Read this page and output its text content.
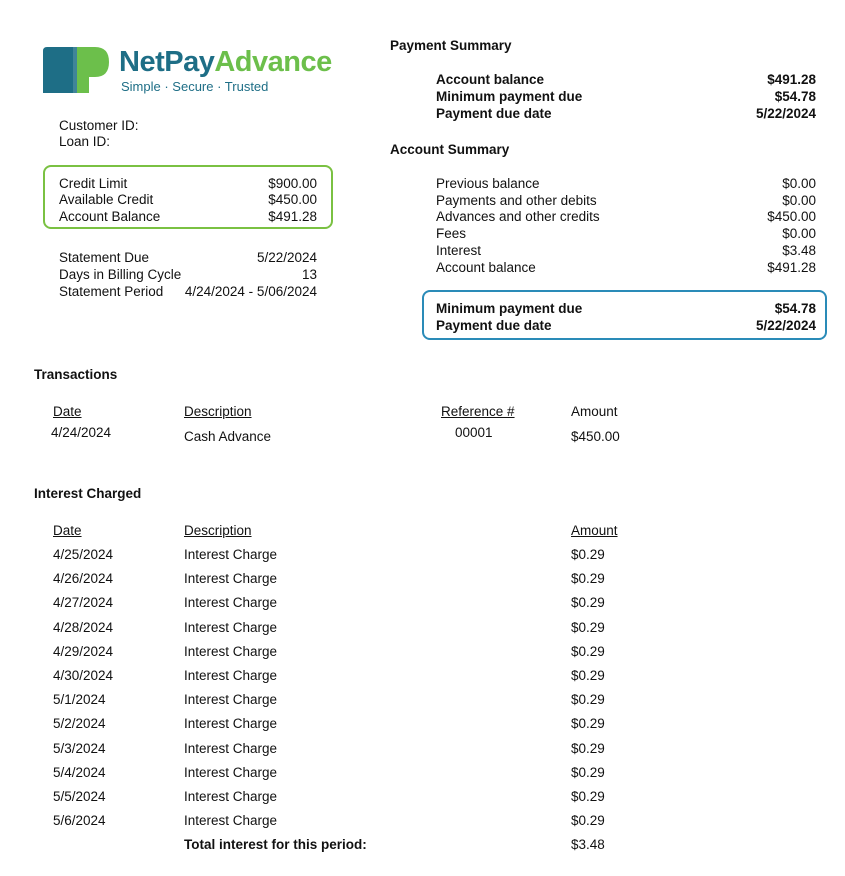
NetPayAdvance
Simple · Secure · Trusted
Customer ID:
Loan ID:
Credit Limit	$900.00
Available Credit	$450.00
Account Balance	$491.28
Statement Due	5/22/2024
Days in Billing Cycle	13
Statement Period	4/24/2024 - 5/06/2024
Payment Summary
Account balance	$491.28
Minimum payment due	$54.78
Payment due date	5/22/2024
Account Summary
Previous balance	$0.00
Payments and other debits	$0.00
Advances and other credits	$450.00
Fees	$0.00
Interest	$3.48
Account balance	$491.28
Minimum payment due	$54.78
Payment due date	5/22/2024
Transactions
Date	Description	Reference #	Amount
4/24/2024	Cash Advance	00001	$450.00
Interest Charged
Date	Description	Amount
4/25/2024	Interest Charge	$0.29
4/26/2024	Interest Charge	$0.29
4/27/2024	Interest Charge	$0.29
4/28/2024	Interest Charge	$0.29
4/29/2024	Interest Charge	$0.29
4/30/2024	Interest Charge	$0.29
5/1/2024	Interest Charge	$0.29
5/2/2024	Interest Charge	$0.29
5/3/2024	Interest Charge	$0.29
5/4/2024	Interest Charge	$0.29
5/5/2024	Interest Charge	$0.29
5/6/2024	Interest Charge	$0.29
Total interest for this period:	$3.48
